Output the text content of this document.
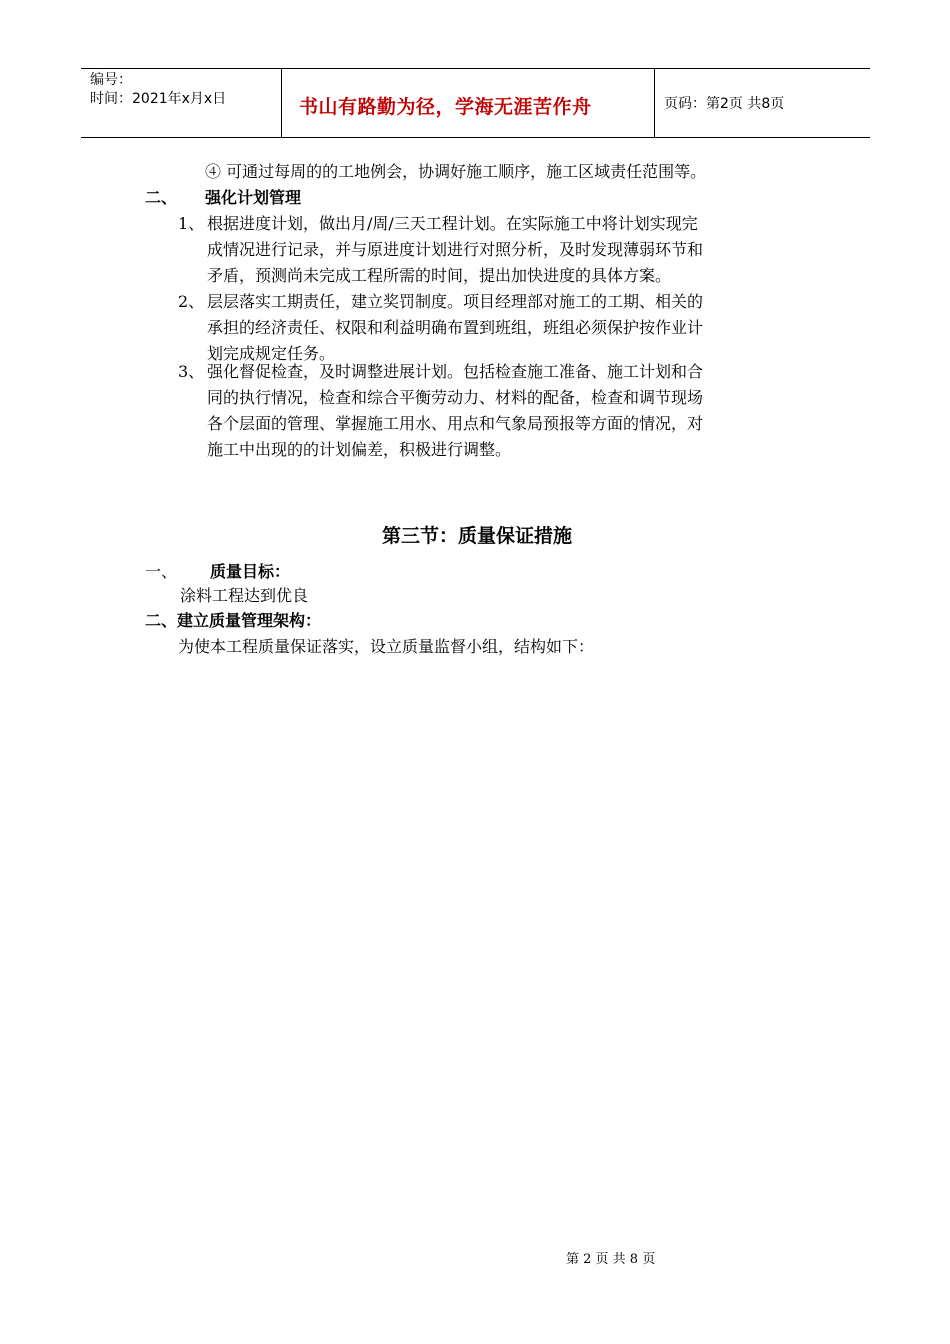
编号：
时间：2021年x月x日	书山有路勤为径，学海无涯苦作舟	页码：第2页 共8页
④ 可通过每周的的工地例会，协调好施工顺序，施工区域责任范围等。
二、 强化计划管理
1、 根据进度计划，做出月/周/三天工程计划。在实际施工中将计划实现完
成情况进行记录，并与原进度计划进行对照分析，及时发现薄弱环节和
矛盾，预测尚未完成工程所需的时间，提出加快进度的具体方案。
2、 层层落实工期责任，建立奖罚制度。项目经理部对施工的工期、相关的
承担的经济责任、权限和利益明确布置到班组，班组必须保护按作业计
划完成规定任务。
3、 强化督促检查，及时调整进展计划。包括检查施工准备、施工计划和合
同的执行情况，检查和综合平衡劳动力、材料的配备，检查和调节现场
各个层面的管理、掌握施工用水、用点和气象局预报等方面的情况，对
施工中出现的的计划偏差，积极进行调整。
第三节：质量保证措施
一、 质量目标：
涂料工程达到优良
二、建立质量管理架构：
为使本工程质量保证落实，设立质量监督小组，结构如下：
第 2 页 共 8 页
